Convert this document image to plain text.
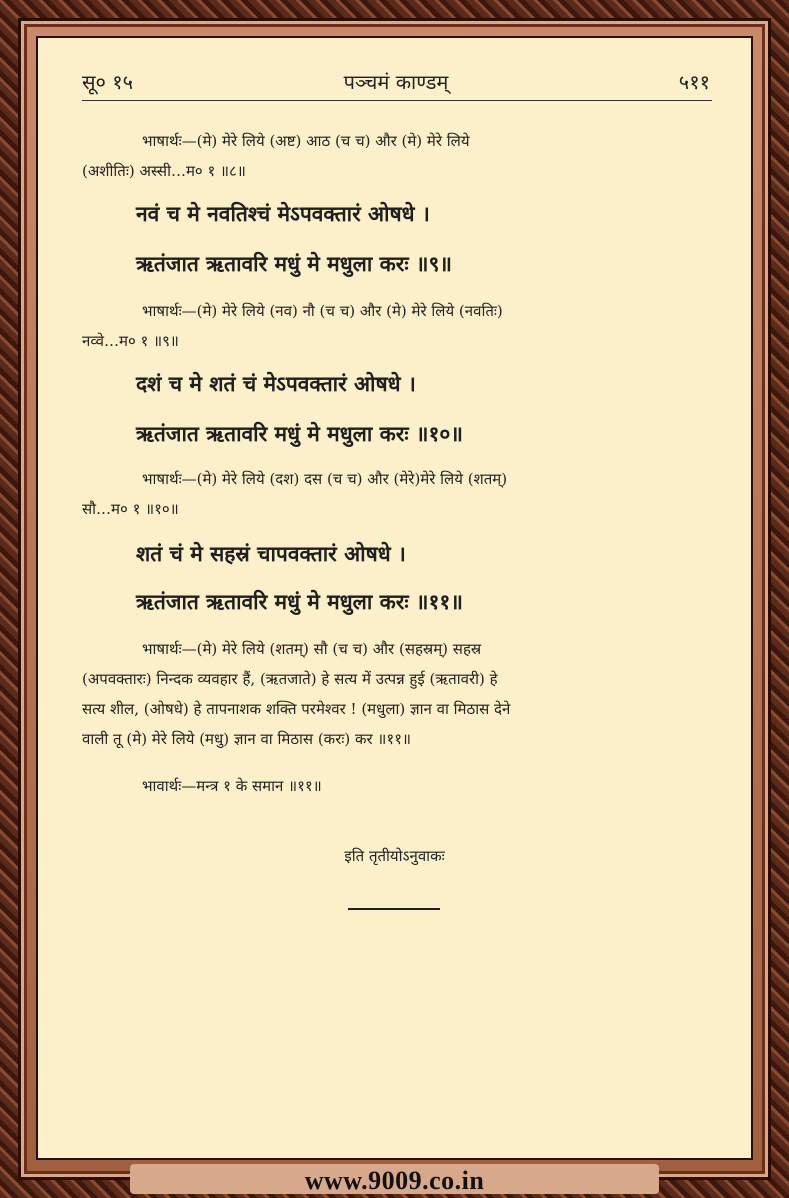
सू० १५	पञ्चमं काण्डम्	५११
भाषार्थः—(मे) मेरे लिये (अष्ट) आठ (च च) और (मे) मेरे लिये
(अशीतिः) अस्सी…म० १ ॥८॥
नवं च मे नवतिश्चं मेऽपवक्तारं ओषधे ।
ऋतंजात ऋतावरि मधुं मे मधुला करः ॥९॥
भाषार्थः—(मे) मेरे लिये (नव) नौ (च च) और (मे) मेरे लिये (नवतिः)
नव्वे…म० १ ॥९॥
दशं च मे शतं चं मेऽपवक्तारं ओषधे ।
ऋतंजात ऋतावरि मधुं मे मधुला करः ॥१०॥
भाषार्थः—(मे) मेरे लिये (दश) दस (च च) और (मेरे)मेरे लिये (शतम्)
सौ…म० १ ॥१०॥
शतं चं मे सहस्रं चापवक्तारं ओषधे ।
ऋतंजात ऋतावरि मधुं मे मधुला करः ॥११॥
भाषार्थः—(मे) मेरे लिये (शतम्) सौ (च च) और (सहस्रम्) सहस्र
(अपवक्तारः) निन्दक व्यवहार हैं, (ऋतजाते) हे सत्य में उत्पन्न हुई (ऋतावरी) हे
सत्य शील, (ओषधे) हे तापनाशक शक्ति परमेश्वर ! (मधुला) ज्ञान वा मिठास देने
वाली तू (मे) मेरे लिये (मधु) ज्ञान वा मिठास (करः) कर ॥११॥
भावार्थः—मन्त्र १ के समान ॥११॥
इति तृतीयोऽनुवाकः
www.9009.co.in
